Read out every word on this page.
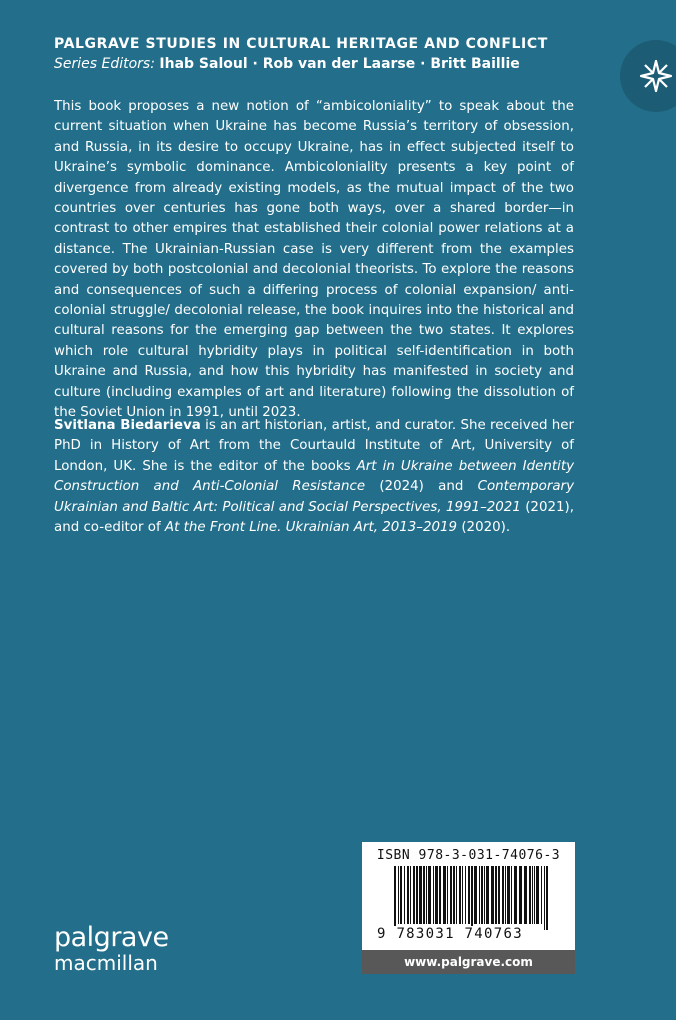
PALGRAVE STUDIES IN CULTURAL HERITAGE AND CONFLICT
Series Editors: Ihab Saloul · Rob van der Laarse · Britt Baillie

This book proposes a new notion of “ambicoloniality” to speak about the current situation when Ukraine has become Russia’s territory of obsession, and Russia, in its desire to occupy Ukraine, has in effect subjected itself to Ukraine’s symbolic dominance. Ambicoloniality presents a key point of divergence from already existing models, as the mutual impact of the two countries over centuries has gone both ways, over a shared border—in contrast to other empires that established their colonial power relations at a distance. The Ukrainian-Russian case is very different from the examples covered by both postcolonial and decolonial theorists. To explore the reasons and consequences of such a differing process of colonial expansion/ anti-colonial struggle/ decolonial release, the book inquires into the historical and cultural reasons for the emerging gap between the two states. It explores which role cultural hybridity plays in political self-identification in both Ukraine and Russia, and how this hybridity has manifested in society and culture (including examples of art and literature) following the dissolution of the Soviet Union in 1991, until 2023.

Svitlana Biedarieva is an art historian, artist, and curator. She received her PhD in History of Art from the Courtauld Institute of Art, University of London, UK. She is the editor of the books Art in Ukraine between Identity Construction and Anti-Colonial Resistance (2024) and Contemporary Ukrainian and Baltic Art: Political and Social Perspectives, 1991–2021 (2021), and co-editor of At the Front Line. Ukrainian Art, 2013–2019 (2020).

palgrave
macmillan
ISBN 978-3-031-74076-3
9 783031 740763
www.palgrave.com
